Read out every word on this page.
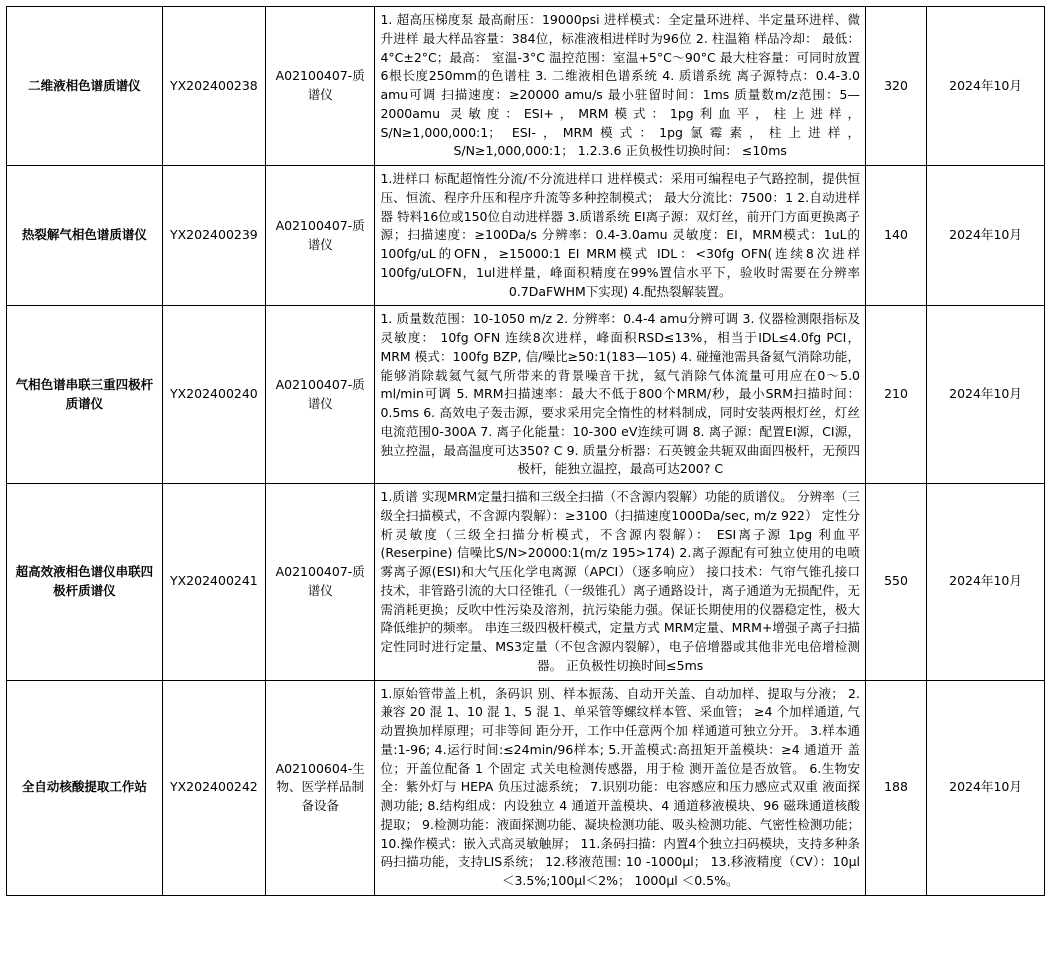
二维液相色谱质谱仪	YX202400238	A02100407-质谱仪	1. 超高压梯度泵 最高耐压：19000psi 进样模式：全定量环进样、半定量环进样、微升进样 最大样品容量：384位，标准液相进样时为96位 2. 柱温箱 样品冷却： 最低：4°C±2°C；最高： 室温-3°C 温控范围：室温+5°C～90°C 最大柱容量：可同时放置6根长度250mm的色谱柱 3. 二维液相色谱系统 4. 质谱系统 离子源特点：0.4-3.0 amu可调 扫描速度：≥20000 amu/s 最小驻留时间：1ms 质量数m/z范围：5—2000amu 灵敏度：ESI+，MRM模式：1pg利血平，柱上进样，S/N≥1,000,000:1； ESI-，MRM模式：1pg氯霉素，柱上进样，S/N≥1,000,000:1； 1.2.3.6 正负极性切换时间： ≤10ms	320	2024年10月
热裂解气相色谱质谱仪	YX202400239	A02100407-质谱仪	1.进样口 标配超惰性分流/不分流进样口 进样模式：采用可编程电子气路控制，提供恒压、恒流、程序升压和程序升流等多种控制模式； 最大分流比：7500：1 2.自动进样器 特料16位或150位自动进样器 3.质谱系统 EI离子源：双灯丝，前开门方面更换离子源；扫描速度：≥100Da/s 分辨率：0.4-3.0amu 灵敏度：EI，MRM模式：1uL的100fg/uL的OFN，≥15000:1 EI MRM模式 IDL：<30fg OFN(连续8次进样100fg/uLOFN，1ul进样量，峰面积精度在99%置信水平下，验收时需要在分辨率0.7DaFWHM下实现) 4.配热裂解装置。	140	2024年10月
气相色谱串联三重四极杆质谱仪	YX202400240	A02100407-质谱仪	1. 质量数范围：10-1050 m/z 2. 分辨率：0.4-4 amu分辨可调 3. 仪器检测限指标及灵敏度： 10fg OFN 连续8次进样，峰面积RSD≤13%，相当于IDL≤4.0fg PCI，MRM 模式：100fg BZP, 信/噪比≥50:1(183—105) 4. 碰撞池需具备氦气消除功能，能够消除载氦气氦气所带来的背景噪音干扰，氦气消除气体流量可用应在0～5.0 ml/min可调 5. MRM扫描速率：最大不低于800个MRM/秒，最小SRM扫描时间：0.5ms 6. 高效电子轰击源，要求采用完全惰性的材料制成，同时安装两根灯丝，灯丝电流范围0-300A 7. 离子化能量：10-300 eV连续可调 8. 离子源：配置EI源，CI源，独立控温，最高温度可达350? C 9. 质量分析器：石英镀金共轭双曲面四极杆，无预四极杆，能独立温控，最高可达200? C	210	2024年10月
超高效液相色谱仪串联四极杆质谱仪	YX202400241	A02100407-质谱仪	1.质谱 实现MRM定量扫描和三级全扫描（不含源内裂解）功能的质谱仪。 分辨率（三级全扫描模式，不含源内裂解）：≥3100（扫描速度1000Da/sec, m/z 922） 定性分析灵敏度（三级全扫描分析模式，不含源内裂解）： ESI离子源 1pg 利血平(Reserpine) 信噪比S/N>20000:1(m/z 195>174) 2.离子源配有可独立使用的电喷雾离子源(ESI)和大气压化学电离源（APCI）（逐多响应） 接口技术：气帘气锥孔接口技术，非管路引流的大口径锥孔（一级锥孔）离子通路设计，离子通道为无损配件，无需消耗更换；反吹中性污染及溶剂，抗污染能力强。保证长期使用的仪器稳定性，极大降低维护的频率。 串连三级四极杆模式，定量方式 MRM定量、MRM+增强子离子扫描定性同时进行定量、MS3定量（不包含源内裂解），电子倍增器或其他非光电倍增检测器。 正负极性切换时间≤5ms	550	2024年10月
全自动核酸提取工作站	YX202400242	A02100604-生物、医学样品制备设备	1.原始管带盖上机，条码识 别、样本振荡、自动开关盖、自动加样、提取与分液； 2.兼容 20 混 1、10 混 1、5 混 1、单采管等螺纹样本管、采血管； ≥4 个加样通道, 气 动置换加样原理；可非等间 距分开，工作中任意两个加 样通道可独立分开。 3.样本通量:1-96; 4.运行时间:≤24min/96样本; 5.开盖模式:高扭矩开盖模块：≥4 通道开 盖位；开盖位配备 1 个固定 式关电检测传感器，用于检 测开盖位是否放管。 6.生物安全：紫外灯与 HEPA 负压过滤系统； 7.识别功能：电容感应和压力感应式双重 液面探测功能; 8.结构组成：内设独立 4 通道开盖模块、4 通道移液模块、96 磁珠通道核酸提取； 9.检测功能：液面探测功能、凝块检测功能、吸头检测功能、气密性检测功能； 10.操作模式：嵌入式高灵敏触屏； 11.条码扫描：内置4个独立扫码模块，支持多种条码扫描功能，支持LIS系统； 12.移液范围: 10 -1000μl； 13.移液精度（CV）：10μl＜3.5%;100μl＜2%； 1000μl ＜0.5%。	188	2024年10月
